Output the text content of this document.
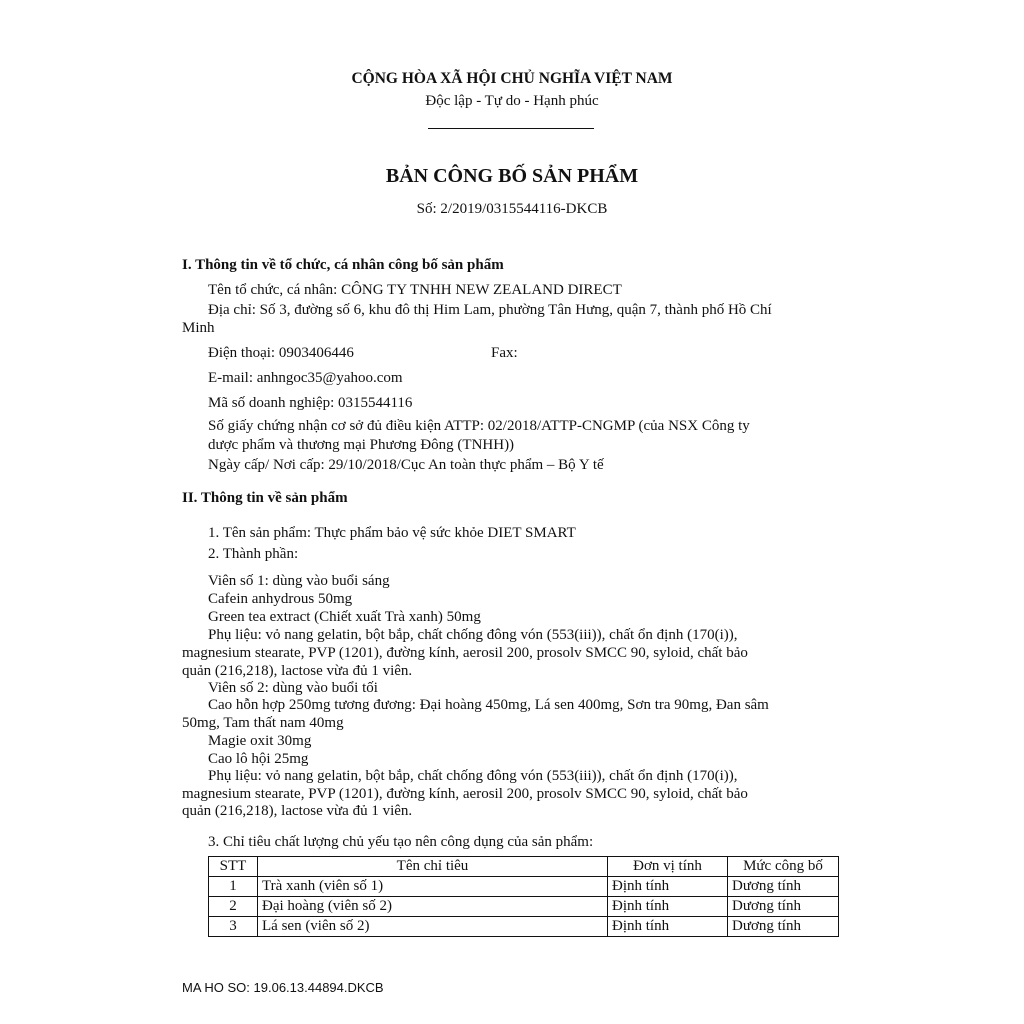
CỘNG HÒA XÃ HỘI CHỦ NGHĨA VIỆT NAM
Độc lập - Tự do - Hạnh phúc
BẢN CÔNG BỐ SẢN PHẨM
Số: 2/2019/0315544116-DKCB
I. Thông tin về tổ chức, cá nhân công bố sản phẩm
Tên tổ chức, cá nhân: CÔNG TY TNHH NEW ZEALAND DIRECT
Địa chỉ: Số 3, đường số 6, khu đô thị Him Lam, phường Tân Hưng, quận 7, thành phố Hồ Chí
Minh
Điện thoại: 0903406446	Fax:
E-mail: anhngoc35@yahoo.com
Mã số doanh nghiệp: 0315544116
Số giấy chứng nhận cơ sở đủ điều kiện ATTP: 02/2018/ATTP-CNGMP (của NSX Công ty
dược phẩm và thương mại Phương Đông (TNHH))
Ngày cấp/ Nơi cấp: 29/10/2018/Cục An toàn thực phẩm – Bộ Y tế
II. Thông tin về sản phẩm
1. Tên sản phẩm: Thực phẩm bảo vệ sức khỏe DIET SMART
2. Thành phần:
Viên số 1: dùng vào buổi sáng
Cafein anhydrous 50mg
Green tea extract (Chiết xuất Trà xanh) 50mg
Phụ liệu: vỏ nang gelatin, bột bắp, chất chống đông vón (553(iii)), chất ổn định (170(i)),
magnesium stearate, PVP (1201), đường kính, aerosil 200, prosolv SMCC 90, syloid, chất bảo
quản (216,218), lactose vừa đủ 1 viên.
Viên số 2: dùng vào buổi tối
Cao hỗn hợp 250mg tương đương: Đại hoàng 450mg, Lá sen 400mg, Sơn tra 90mg, Đan sâm
50mg, Tam thất nam 40mg
Magie oxit 30mg
Cao lô hội 25mg
Phụ liệu: vỏ nang gelatin, bột bắp, chất chống đông vón (553(iii)), chất ổn định (170(i)),
magnesium stearate, PVP (1201), đường kính, aerosil 200, prosolv SMCC 90, syloid, chất bảo
quản (216,218), lactose vừa đủ 1 viên.
3. Chỉ tiêu chất lượng chủ yếu tạo nên công dụng của sản phẩm:
STT	Tên chỉ tiêu	Đơn vị tính	Mức công bố
1	Trà xanh (viên số 1)	Định tính	Dương tính
2	Đại hoàng (viên số 2)	Định tính	Dương tính
3	Lá sen (viên số 2)	Định tính	Dương tính
MA HO SO: 19.06.13.44894.DKCB
